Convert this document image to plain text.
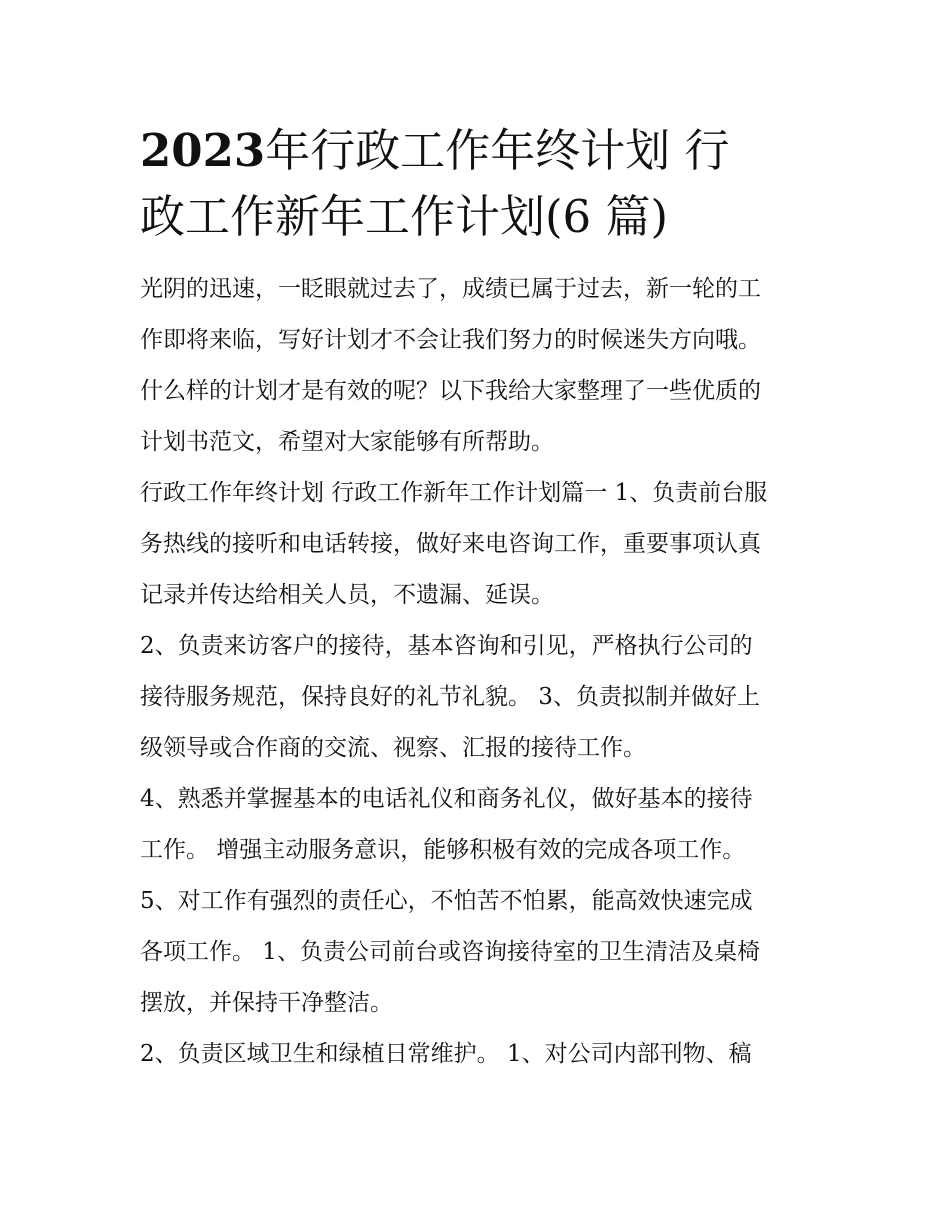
2023年行政工作年终计划 行
政工作新年工作计划(6 篇)

光阴的迅速，一眨眼就过去了，成绩已属于过去，新一轮的工
作即将来临，写好计划才不会让我们努力的时候迷失方向哦。
什么样的计划才是有效的呢？以下我给大家整理了一些优质的
计划书范文，希望对大家能够有所帮助。

行政工作年终计划 行政工作新年工作计划篇一 1、负责前台服
务热线的接听和电话转接，做好来电咨询工作，重要事项认真
记录并传达给相关人员，不遗漏、延误。

2、负责来访客户的接待，基本咨询和引见，严格执行公司的
接待服务规范，保持良好的礼节礼貌。 3、负责拟制并做好上
级领导或合作商的交流、视察、汇报的接待工作。

4、熟悉并掌握基本的电话礼仪和商务礼仪，做好基本的接待
工作。 增强主动服务意识，能够积极有效的完成各项工作。

5、对工作有强烈的责任心，不怕苦不怕累，能高效快速完成
各项工作。 1、负责公司前台或咨询接待室的卫生清洁及桌椅
摆放，并保持干净整洁。

2、负责区域卫生和绿植日常维护。 1、对公司内部刊物、稿
